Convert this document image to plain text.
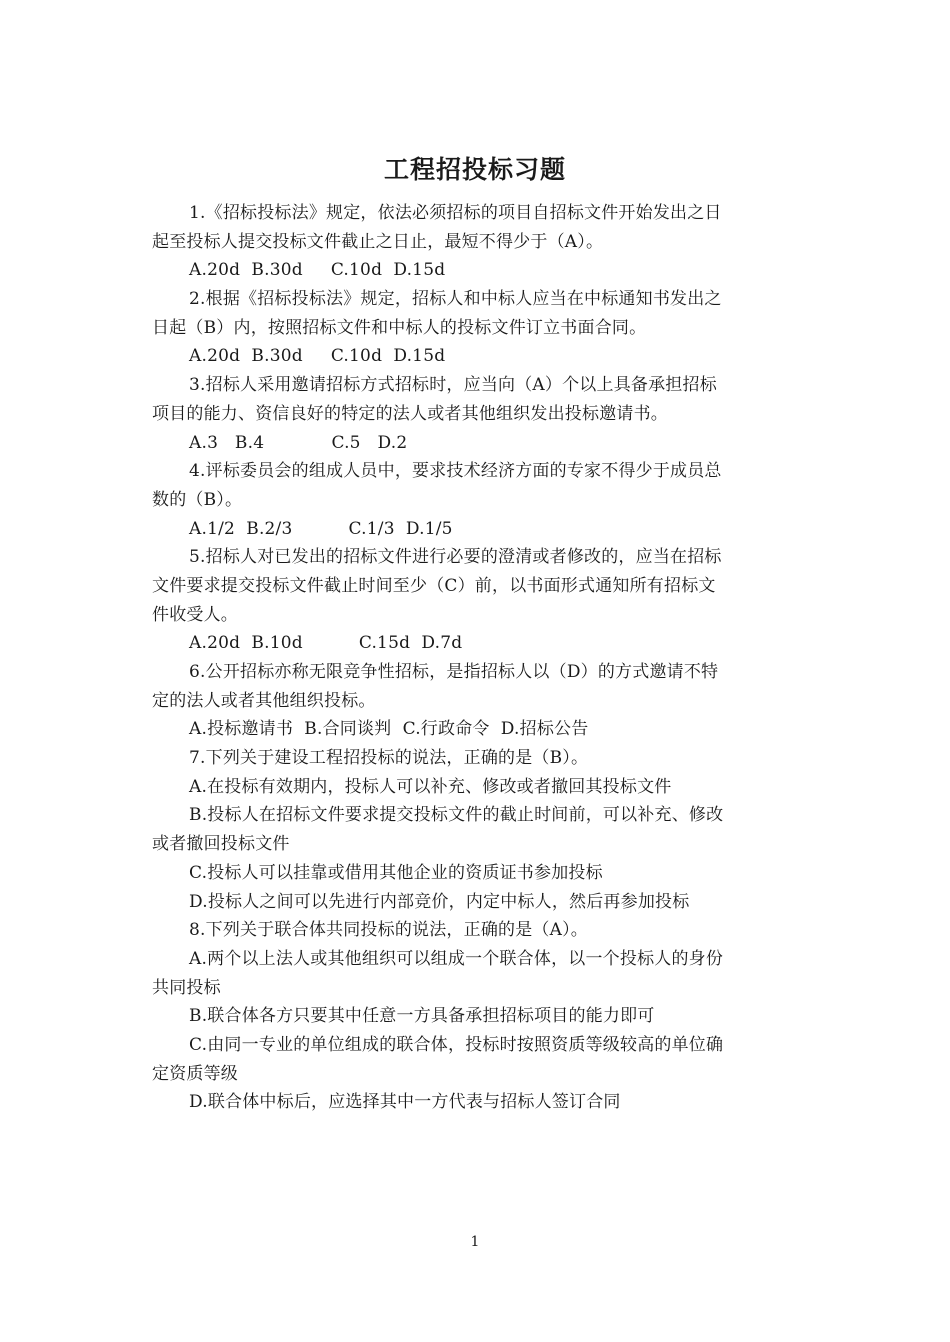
工程招投标习题

1.《招标投标法》规定，依法必须招标的项目自招标文件开始发出之日

起至投标人提交投标文件截止之日止，最短不得少于（A）。

A.20d  B.30d     C.10d  D.15d

2.根据《招标投标法》规定，招标人和中标人应当在中标通知书发出之

日起（B）内，按照招标文件和中标人的投标文件订立书面合同。

A.20d  B.30d     C.10d  D.15d

3.招标人采用邀请招标方式招标时，应当向（A）个以上具备承担招标

项目的能力、资信良好的特定的法人或者其他组织发出投标邀请书。

A.3   B.4            C.5   D.2

4.评标委员会的组成人员中，要求技术经济方面的专家不得少于成员总

数的（B）。

A.1/2  B.2/3          C.1/3  D.1/5

5.招标人对已发出的招标文件进行必要的澄清或者修改的，应当在招标

文件要求提交投标文件截止时间至少（C）前，以书面形式通知所有招标文

件收受人。

A.20d  B.10d          C.15d  D.7d

6.公开招标亦称无限竞争性招标，是指招标人以（D）的方式邀请不特

定的法人或者其他组织投标。

A.投标邀请书  B.合同谈判  C.行政命令  D.招标公告

7.下列关于建设工程招投标的说法，正确的是（B）。

A.在投标有效期内，投标人可以补充、修改或者撤回其投标文件

B.投标人在招标文件要求提交投标文件的截止时间前，可以补充、修改

或者撤回投标文件

C.投标人可以挂靠或借用其他企业的资质证书参加投标

D.投标人之间可以先进行内部竞价，内定中标人，然后再参加投标

8.下列关于联合体共同投标的说法，正确的是（A）。

A.两个以上法人或其他组织可以组成一个联合体，以一个投标人的身份

共同投标

B.联合体各方只要其中任意一方具备承担招标项目的能力即可

C.由同一专业的单位组成的联合体，投标时按照资质等级较高的单位确

定资质等级

D.联合体中标后，应选择其中一方代表与招标人签订合同

1
